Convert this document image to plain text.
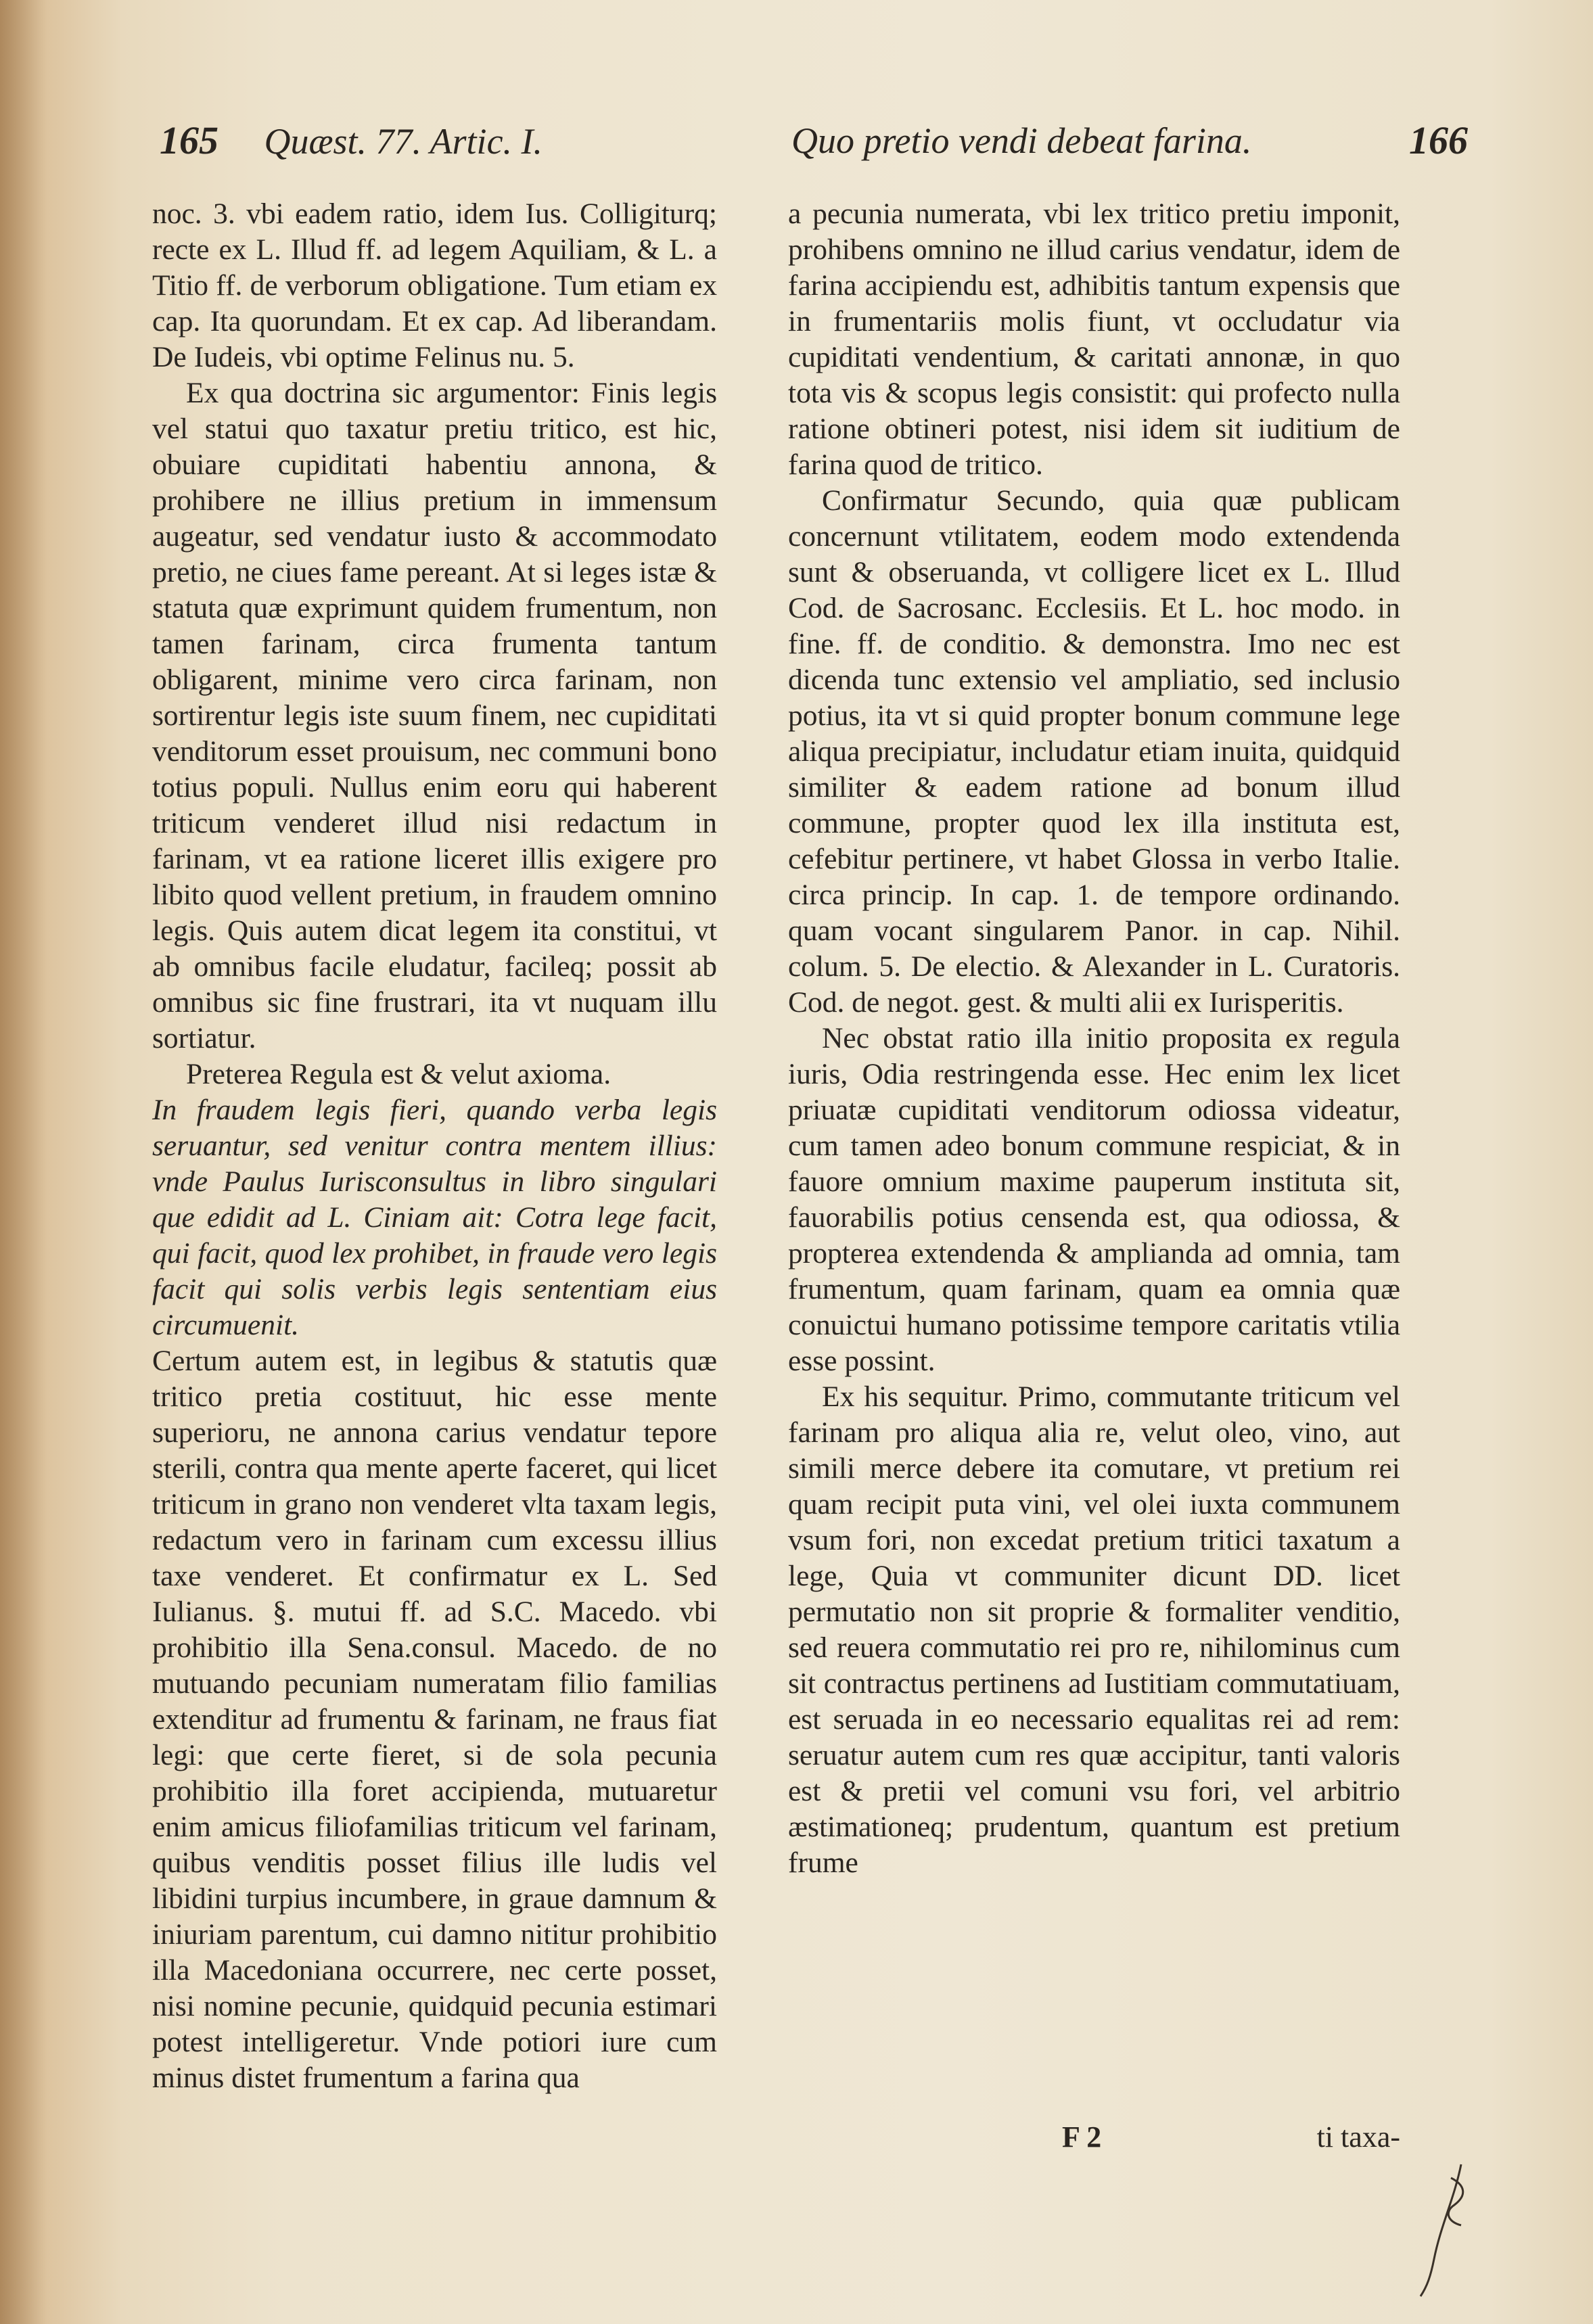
165 Quæst. 77. Artic. I.	Quo pretio vendi debeat farina.	166

noc. 3. vbi eadem ratio, idem Ius. Colligiturq; recte ex L. Illud ff. ad legem Aquiliam, & L. a Titio ff. de verborum obligatione. Tum etiam ex cap. Ita quorundam. Et ex cap. Ad liberandam. De Iudeis, vbi optime Felinus nu. 5.

Ex qua doctrina sic argumentor: Finis legis vel statui quo taxatur pretiu tritico, est hic, obuiare cupiditati habentiu annona, & prohibere ne illius pretium in immensum augeatur, sed vendatur iusto & accommodato pretio, ne ciues fame pereant. At si leges istæ & statuta quæ exprimunt quidem frumentum, non tamen farinam, circa frumenta tantum obligarent, minime vero circa farinam, non sortirentur legis iste suum finem, nec cupiditati venditorum esset prouisum, nec communi bono totius populi. Nullus enim eoru qui haberent triticum venderet illud nisi redactum in farinam, vt ea ratione liceret illis exigere pro libito quod vellent pretium, in fraudem omnino legis. Quis autem dicat legem ita constitui, vt ab omnibus facile eludatur, facileq; possit ab omnibus sic fine frustrari, ita vt nuquam illu sortiatur.

Preterea Regula est & velut axioma.

In fraudem legis fieri, quando verba legis seruantur, sed venitur contra mentem illius: vnde Paulus Iurisconsultus in libro singulari que edidit ad L. Ciniam ait: Cotra lege facit, qui facit, quod lex prohibet, in fraude vero legis facit qui solis verbis legis sententiam eius circumuenit.

Certum autem est, in legibus & statutis quæ tritico pretia costituut, hic esse mente superioru, ne annona carius vendatur tepore sterili, contra qua mente aperte faceret, qui licet triticum in grano non venderet vlta taxam legis, redactum vero in farinam cum excessu illius taxe venderet. Et confirmatur ex L. Sed Iulianus. §. mutui ff. ad S.C. Macedo. vbi prohibitio illa Sena.consul. Macedo. de no mutuando pecuniam numeratam filio familias extenditur ad frumentu & farinam, ne fraus fiat legi: que certe fieret, si de sola pecunia prohibitio illa foret accipienda, mutuaretur enim amicus filiofamilias triticum vel farinam, quibus venditis posset filius ille ludis vel libidini turpius incumbere, in graue damnum & iniuriam parentum, cui damno nititur prohibitio illa Macedoniana occurrere, nec certe posset, nisi nomine pecunie, quidquid pecunia estimari potest intelligeretur. Vnde potiori iure cum minus distet frumentum a farina qua

a pecunia numerata, vbi lex tritico pretiu imponit, prohibens omnino ne illud carius vendatur, idem de farina accipiendu est, adhibitis tantum expensis que in frumentariis molis fiunt, vt occludatur via cupiditati vendentium, & caritati annonæ, in quo tota vis & scopus legis consistit: qui profecto nulla ratione obtineri potest, nisi idem sit iuditium de farina quod de tritico.

Confirmatur Secundo, quia quæ publicam concernunt vtilitatem, eodem modo extendenda sunt & obseruanda, vt colligere licet ex L. Illud Cod. de Sacrosanc. Ecclesiis. Et L. hoc modo. in fine. ff. de conditio. & demonstra. Imo nec est dicenda tunc extensio vel ampliatio, sed inclusio potius, ita vt si quid propter bonum commune lege aliqua precipiatur, includatur etiam inuita, quidquid similiter & eadem ratione ad bonum illud commune, propter quod lex illa instituta est, cefebitur pertinere, vt habet Glossa in verbo Italie. circa princip. In cap. 1. de temporе ordinando. quam vocant singularem Panor. in cap. Nihil. colum. 5. De electio. & Alexander in L. Curatoris. Cod. de negot. gest. & multi alii ex Iurisperitis.

Nec obstat ratio illa initio proposita ex regula iuris, Odia restringenda esse. Hec enim lex licet priuatæ cupiditati venditorum odiossa videatur, cum tamen adeo bonum commune respiciat, & in fauore omnium maxime pauperum instituta sit, fauorabilis potius censenda est, qua odiossa, & propterea extendenda & amplianda ad omnia, tam frumentum, quam farinam, quam ea omnia quæ conuictui humano potissime tempore caritatis vtilia esse possint.

Ex his sequitur. Primo, commutante triticum vel farinam pro aliqua alia re, velut oleo, vino, aut simili merce debere ita comutare, vt pretium rei quam recipit puta vini, vel olei iuxta communem vsum fori, non excedat pretium tritici taxatum a lege, Quia vt communiter dicunt DD. licet permutatio non sit proprie & formaliter venditio, sed reuera commutatio rei pro re, nihilominus cum sit contractus pertinens ad Iustitiam commutatiuam, est seruada in eo necessario equalitas rei ad rem: seruatur autem cum res quæ accipitur, tanti valoris est & pretii vel comuni vsu fori, vel arbitrio æstimationeq; prudentum, quantum est pretium frume

F 2	ti taxa-
